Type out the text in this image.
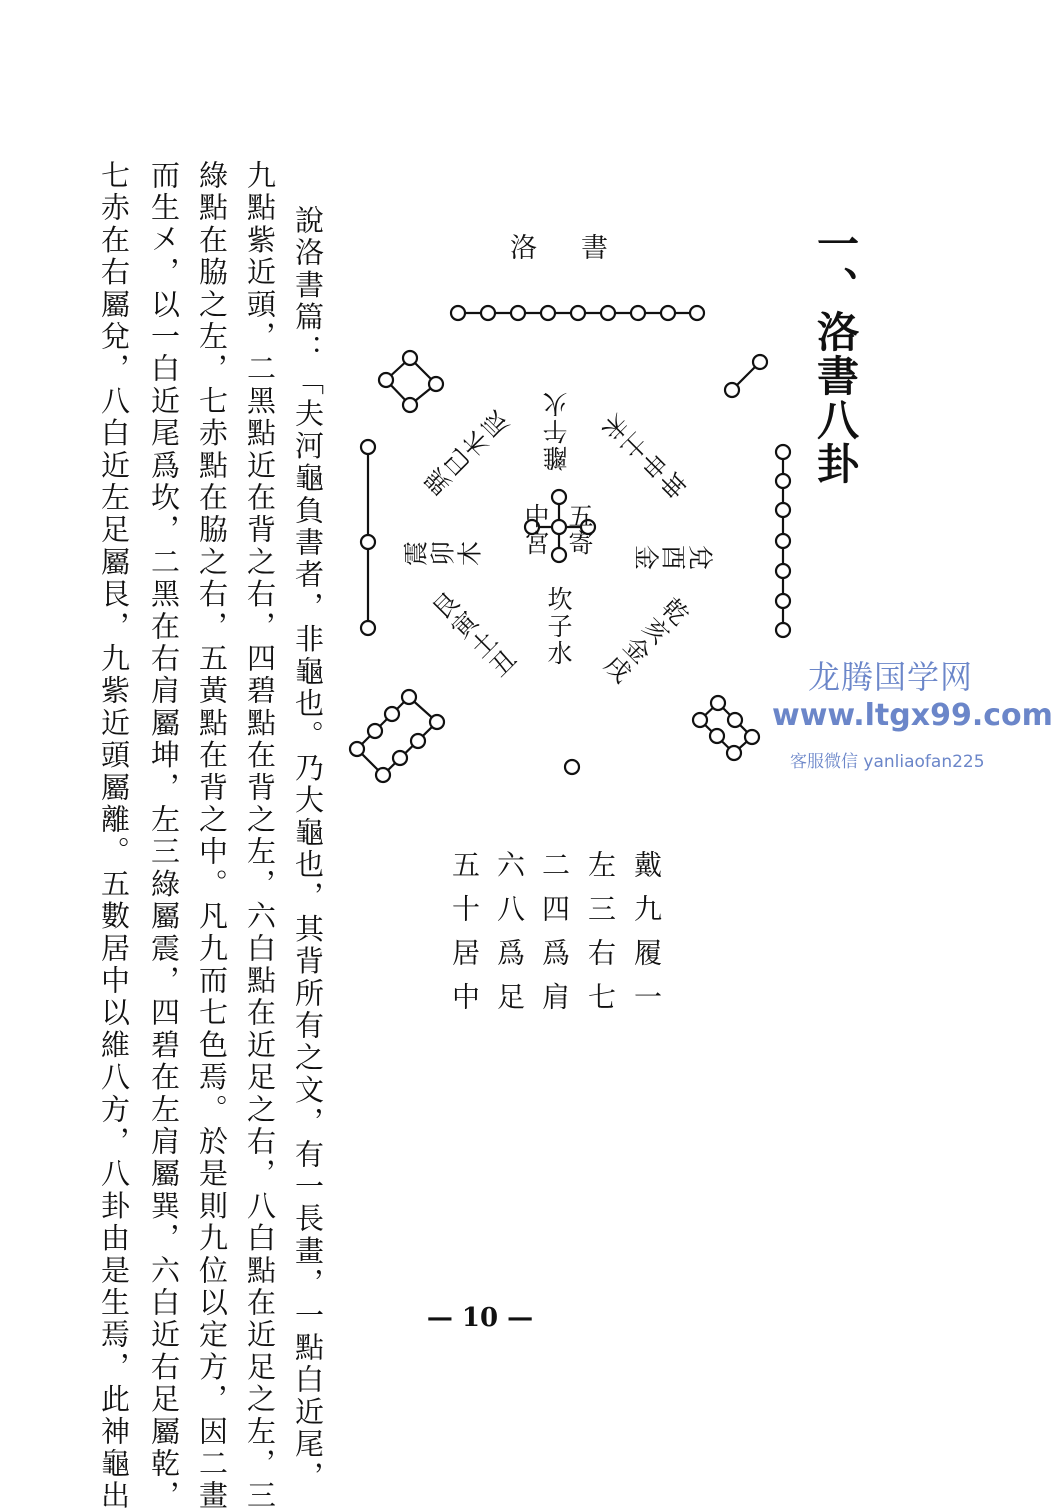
一、洛書八卦
洛書
離午火 坤申土未
巽巳木辰
震卯木	兌酉金
艮寅土丑 坎子水 乾亥金戌
中宮 五寄
戴九履一
左三右七
二四爲肩
六八爲足
五十居中
說洛書篇：「夫河龜負書者，非龜也。乃大龜也，其背所有之文，有一長畫，一點白近尾，
九點紫近頭，二黑點近在背之右，四碧點在背之左，六白點在近足之右，八白點在近足之左，三
綠點在脇之左，七赤點在脇之右，五黃點在背之中。凡九而七色焉。於是則九位以定方，因二畫
而生㐅，以一白近尾爲坎，二黑在右肩屬坤，左三綠屬震，四碧在左肩屬巽，六白近右足屬乾，
七赤在右屬兌，八白近左足屬艮，九紫近頭屬離。五數居中以維八方，八卦由是生焉，此神龜出	— 10 —
龙腾国学网
www.ltgx99.com
客服微信 yanliaofan225
